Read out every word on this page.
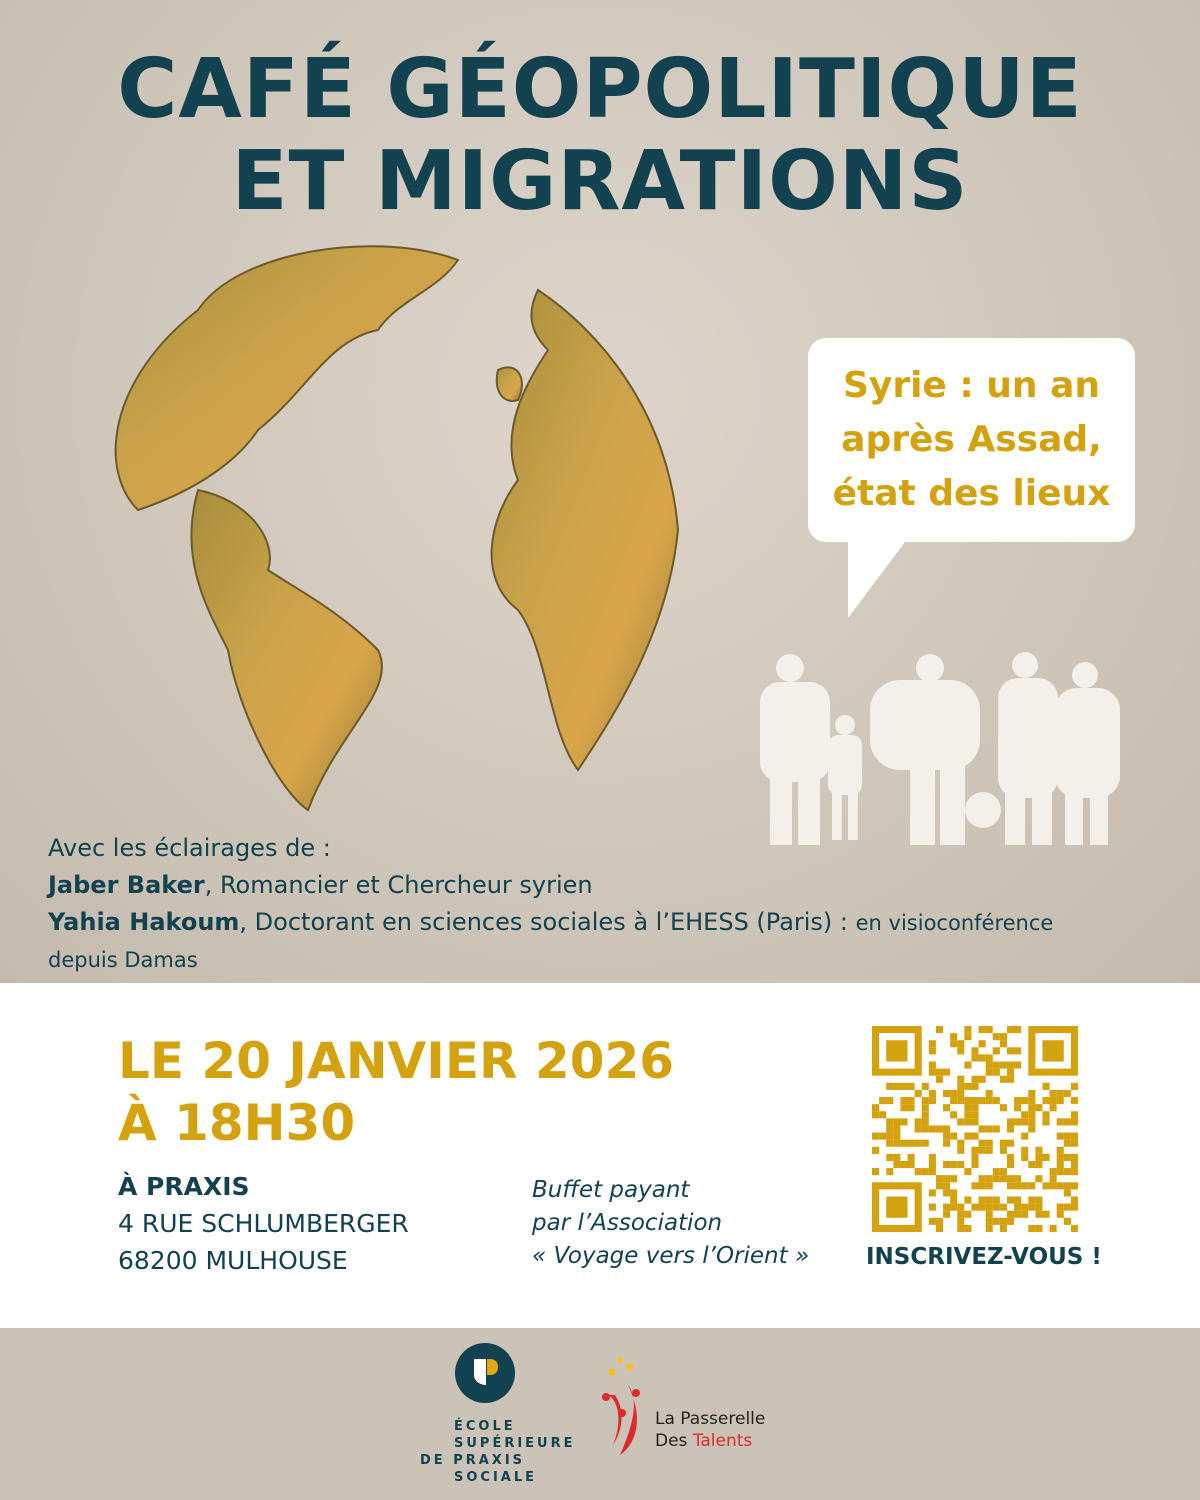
CAFÉ GÉOPOLITIQUE
ET MIGRATIONS
Syrie : un an
après Assad,
état des lieux
Avec les éclairages de :
Jaber Baker, Romancier et Chercheur syrien
Yahia Hakoum, Doctorant en sciences sociales à l’EHESS (Paris) : en visioconférence
depuis Damas
LE 20 JANVIER 2026
À 18H30
À PRAXIS
4 RUE SCHLUMBERGER
68200 MULHOUSE
Buffet payant
par l’Association
« Voyage vers l’Orient » INSCRIVEZ-VOUS !
ÉCOLE
SUPÉRIEURE
DE PRAXIS
SOCIALE
La Passerelle
Des Talents
